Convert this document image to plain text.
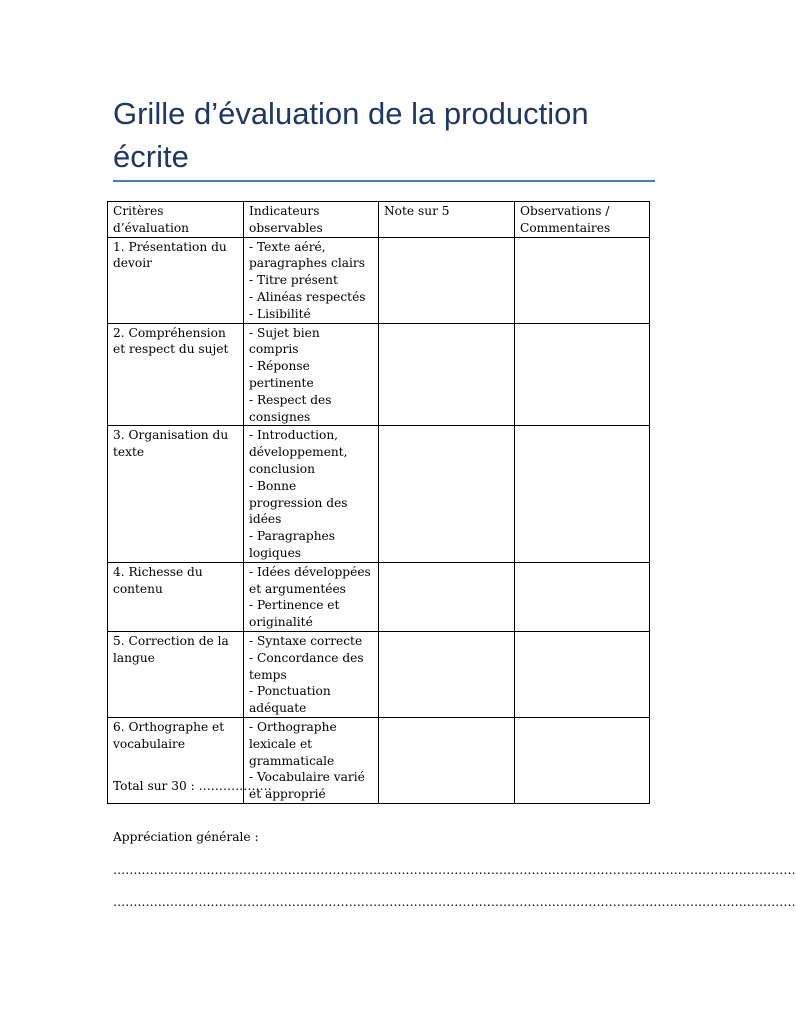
Grille d’évaluation de la production écrite
Critères d’évaluation	Indicateurs observables	Note sur 5	Observations / Commentaires
1. Présentation du devoir	- Texte aéré, paragraphes clairs
- Titre présent
- Alinéas respectés
- Lisibilité		

2. Compréhension et respect du sujet	- Sujet bien compris
- Réponse pertinente
- Respect des consignes		

3. Organisation du texte	- Introduction, développement, conclusion
- Bonne progression des idées
- Paragraphes logiques		

4. Richesse du contenu	- Idées développées et argumentées
- Pertinence et originalité		

5. Correction de la langue	- Syntaxe correcte
- Concordance des temps
- Ponctuation adéquate		

6. Orthographe et vocabulaire	- Orthographe lexicale et grammaticale
- Vocabulaire varié et approprié		

Total sur 30 : ………………
Appréciation générale :
……………………………………………………………………………………………………………………………………………………
……………………………………………………………………………………………………………………………………………………
